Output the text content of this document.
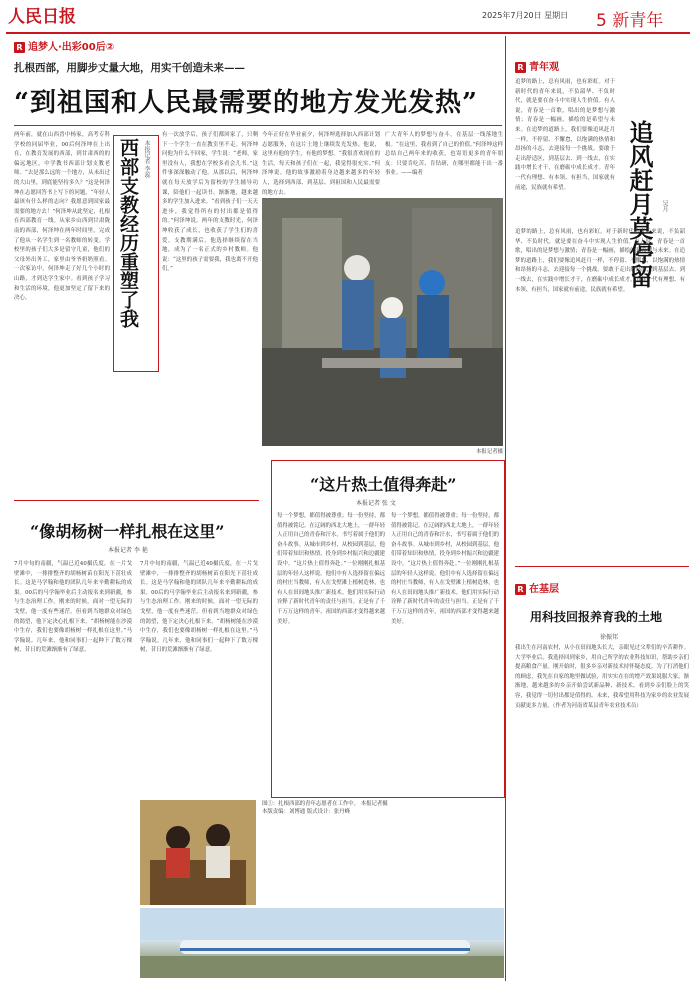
人民日报	2025年7月20日 星期日 5 新青年
R 追梦人·出彩00后②
扎根西部，用脚步丈量大地，用实干创造未来——
“到祖国和人民最需要的地方发光发热”
两年前，就在山西晋中杨家，高考专科学校的同届毕业，00后何泽坤在上出在，在教育发展的西部，到甘肃西的的偏远地区，中学教书西部计划支教老师。“去是那么远的一个地方，从未出过的大山里，到底能坚持多久？”这是何泽坤在志愿回答书上写下的问题。“年轻人最该有什么样的志向？我愿意到国家最需要的地方去！”何泽坤从此坚定，扎根在西部教育一线。从家乡山西到甘肃陇南的西部，何泽坤在两年时间里，完成了他从一名学生到一名教师的转变。学校里的孩子们大多是留守儿童，他们的父母外出务工，家里由爷爷奶奶照看。一次家访中，何泽坤走了好几个小时的山路，才到达学生家中。看到孩子学习和生活的环境，他更加坚定了留下来的决心。	西部支教经历重塑了我 本报记者 李蕊
有一次放学后，孩子们都回家了，只剩下一个学生一直在教室里不走。何泽坤问他为什么不回家，学生说：“老师，家里没有人，我想在学校多看会儿书。”这件事深深触动了他。从那以后，何泽坤就在每天放学后为留校的学生辅导功课，陪他们一起读书。渐渐地，越来越多的学生加入进来。“看到孩子们一天天进步，我觉得所有的付出都是值得的。”何泽坤说。两年的支教时光，何泽坤收获了成长，也收获了学生们的喜爱。支教期满后，他选择继续留在当地，成为了一名正式的乡村教师。他说：“这里的孩子需要我，我也离不开他们。”
今年正好在毕业前夕，何泽坤选择加入西部计划志愿服务，在这片土地上继续发光发热。他说，这里有他的学生，有他的梦想。“我很喜欢现在的生活，每天和孩子们在一起，我觉得很充实。”何泽坤说。他的故事激励着身边越来越多的年轻人，选择到西部、到基层、到祖国和人民最需要的地方去。
广大青年人的梦想与奋斗，在基层一线落地生根。“在这里，我看到了自己的价值。”何泽坤这样总结自己两年来的收获，也寄语更多的青年朋友：只要肯吃苦、肯钻研，在哪里都能干出一番事业。——编者
本报记者摄
“像胡杨树一样扎根在这里”
本报记者 李 艳
7月中旬的南疆，气温已近40摄氏度，在一片戈壁滩中，一排排整齐的胡杨树苗在阳光下茁壮成长。这是马学翰和他的团队几年来辛勤耕耘的成果。00后的马学翰毕业后主动报名来到新疆，参与生态治理工作。刚来的时候，面对一望无际的戈壁，他一度有些迷茫。但看到当地群众对绿色的渴望，他下定决心扎根下来。“胡杨树能在沙漠中生存，我们也要像胡杨树一样扎根在这里。”马学翰说。几年来，他和同事们一起种下了数万棵树，昔日的荒滩渐渐有了绿意。
7月中旬的南疆，气温已近40摄氏度，在一片戈壁滩中，一排排整齐的胡杨树苗在阳光下茁壮成长。这是马学翰和他的团队几年来辛勤耕耘的成果。00后的马学翰毕业后主动报名来到新疆，参与生态治理工作。刚来的时候，面对一望无际的戈壁，他一度有些迷茫。但看到当地群众对绿色的渴望，他下定决心扎根下来。“胡杨树能在沙漠中生存，我们也要像胡杨树一样扎根在这里。”马学翰说。几年来，他和同事们一起种下了数万棵树，昔日的荒滩渐渐有了绿意。
“这片热土值得奔赴”
本报记者 张 文
每一个梦想，都值得被尊重；每一份坚持，都值得被铭记。在辽阔的西北大地上，一群年轻人正用自己的青春和汗水，书写着属于他们的奋斗故事。从城市到乡村，从校园到基层，他们带着知识和热情，投身到乡村振兴和边疆建设中。“这片热土值得奔赴。”一位刚刚扎根基层的年轻人这样说。他们中有人选择留在偏远的村庄当教师，有人在戈壁滩上植树造林，也有人在田间地头推广新技术。他们用实际行动诠释了新时代青年的责任与担当。正是有了千千万万这样的青年，祖国的西部才变得越来越美好。
每一个梦想，都值得被尊重；每一份坚持，都值得被铭记。在辽阔的西北大地上，一群年轻人正用自己的青春和汗水，书写着属于他们的奋斗故事。从城市到乡村，从校园到基层，他们带着知识和热情，投身到乡村振兴和边疆建设中。“这片热土值得奔赴。”一位刚刚扎根基层的年轻人这样说。他们中有人选择留在偏远的村庄当教师，有人在戈壁滩上植树造林，也有人在田间地头推广新技术。他们用实际行动诠释了新时代青年的责任与担当。正是有了千千万万这样的青年，祖国的西部才变得越来越美好。
图①：扎根西部的青年志愿者在工作中。 本报记者摄
本版责编：刘博通 版式设计：张丹峰
R 青年观
追梦的路上，总有风雨，也有彩虹。对于新时代的青年来说，不负韶华、不负时代，就是要在奋斗中实现人生价值。有人说，青春是一首歌，唱出的是梦想与激情；青春是一幅画，描绘的是希望与未来。在追梦的道路上，我们要像追风赶月一样，不停留、不懈怠，以饱满的热情和昂扬的斗志，去迎接每一个挑战。要敢于走出舒适区，到基层去、到一线去，在实践中增长才干，在磨砺中成长成才。青年一代有理想、有本领、有担当，国家就有前途，民族就有希望。	追风赶月莫停留 吴月
追梦的路上，总有风雨，也有彩虹。对于新时代的青年来说，不负韶华、不负时代，就是要在奋斗中实现人生价值。有人说，青春是一首歌，唱出的是梦想与激情；青春是一幅画，描绘的是希望与未来。在追梦的道路上，我们要像追风赶月一样，不停留、不懈怠，以饱满的热情和昂扬的斗志，去迎接每一个挑战。要敢于走出舒适区，到基层去、到一线去，在实践中增长才干，在磨砺中成长成才。青年一代有理想、有本领、有担当，国家就有前途，民族就有希望。
R 在基层
用科技回报养育我的土地
徐振邦
我出生在河南农村，从小在田间地头长大，亲眼见过父辈们的辛苦耕作。大学毕业后，我选择回到家乡，用自己所学的农业科技知识，帮助乡亲们提高粮食产量。刚开始时，很多乡亲对新技术持怀疑态度。为了打消他们的顾虑，我先在自家的地里做试验，用实实在在的增产效果说服大家。渐渐地，越来越多的乡亲开始尝试新品种、新技术。看到乡亲们脸上的笑容，我觉得一切付出都是值得的。未来，我希望用科技为家乡的农业发展贡献更多力量。（作者为河南省某县青年农业技术员）
